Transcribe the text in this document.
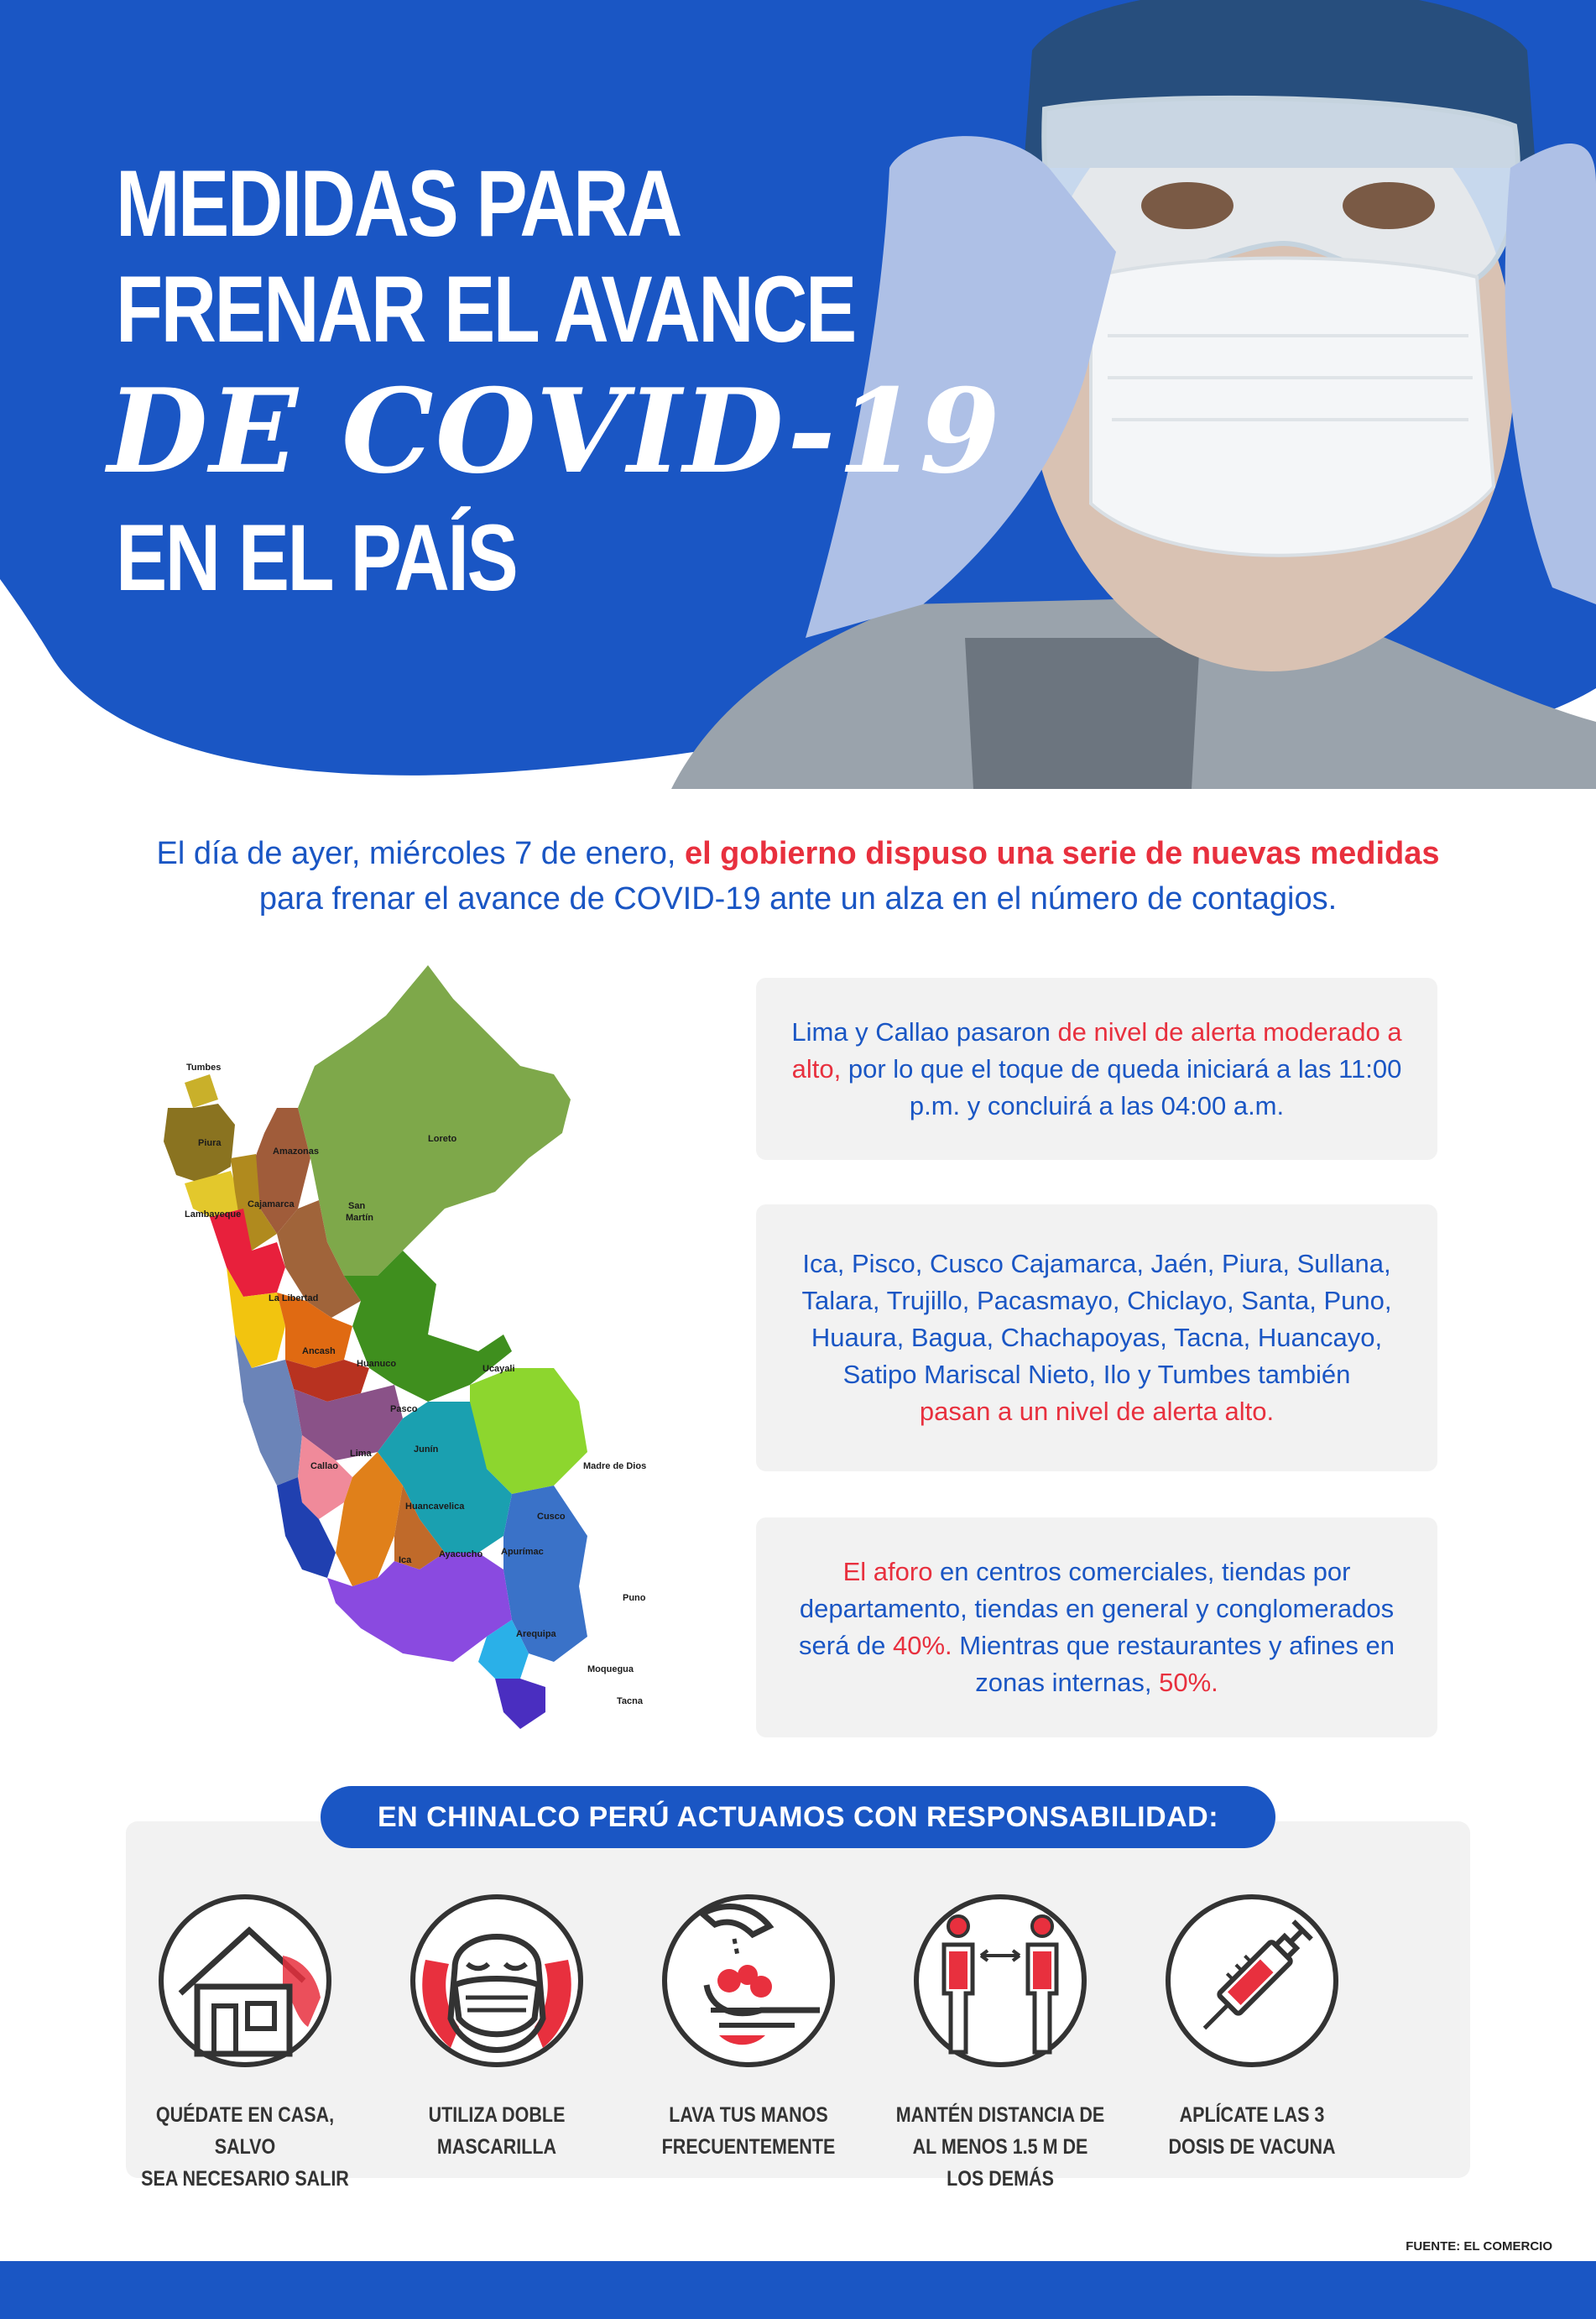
MEDIDAS PARA
FRENAR EL AVANCE
DE COVID-19
EN EL PAÍS
El día de ayer, miércoles 7 de enero, el gobierno dispuso una serie de nuevas medidas
para frenar el avance de COVID-19 ante un alza en el número de contagios.
Tumbes
Loreto
Piura
Amazonas
Lambayeque
Cajamarca	San
Martín
La Libertad
Ancash
Huanuco	Ucayali
Pasco
Junín
Lima
Callao	Madre de Dios
Huancavelica
Cusco
Ayacucho Apurímac
Ica
Puno
Arequipa
Moquegua
Tacna

Lima y Callao pasaron de nivel de alerta moderado a alto, por lo que el toque de queda iniciará a las 11:00 p.m. y concluirá a las 04:00 a.m.

Ica, Pisco, Cusco Cajamarca, Jaén, Piura, Sullana, Talara, Trujillo, Pacasmayo, Chiclayo, Santa, Puno, Huaura, Bagua, Chachapoyas, Tacna, Huancayo, Satipo Mariscal Nieto, Ilo y Tumbes también
pasan a un nivel de alerta alto.

El aforo en centros comerciales, tiendas por departamento, tiendas en general y conglomerados será de 40%. Mientras que restaurantes y afines en zonas internas, 50%.

EN CHINALCO PERÚ ACTUAMOS CON RESPONSABILIDAD:
QUÉDATE EN CASA, SALVO
SEA NECESARIO SALIR
UTILIZA DOBLE
MASCARILLA
LAVA TUS MANOS
FRECUENTEMENTE
MANTÉN DISTANCIA DE
AL MENOS 1.5 M DE LOS DEMÁS
APLÍCATE LAS 3
DOSIS DE VACUNA
FUENTE: EL COMERCIO
